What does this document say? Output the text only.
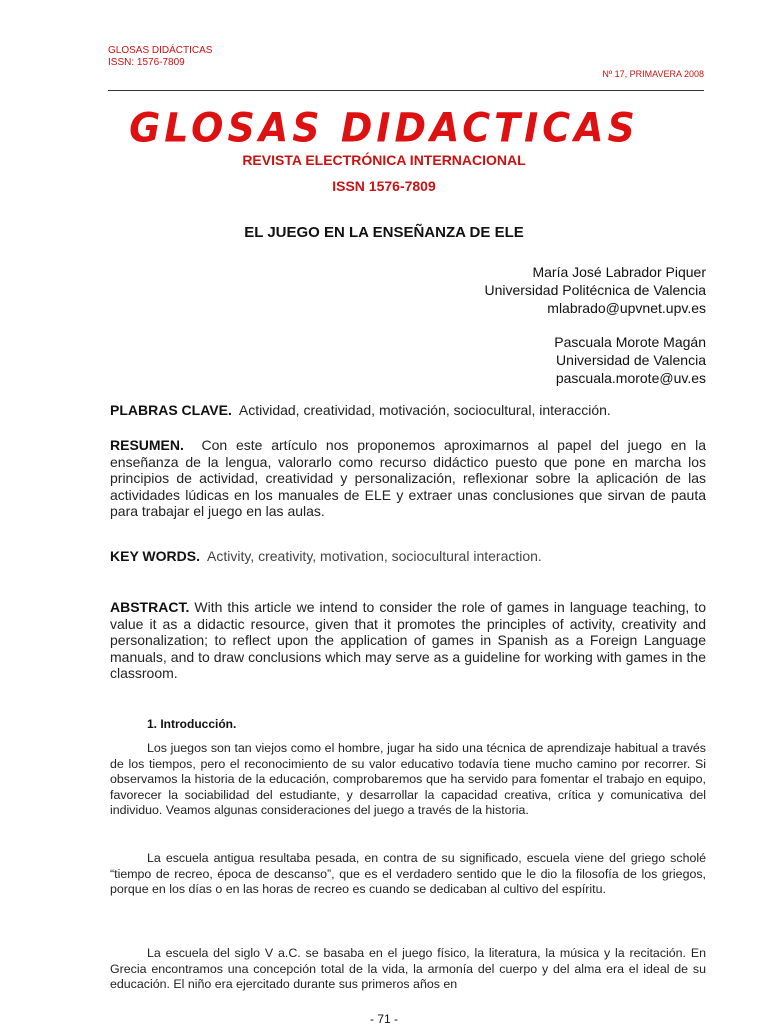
GLOSAS DIDÁCTICAS
ISSN: 1576-7809
Nº 17, PRIMAVERA 2008
GLOSAS DIDACTICAS
REVISTA ELECTRÓNICA INTERNACIONAL
ISSN 1576-7809
EL JUEGO EN LA ENSEÑANZA DE ELE
María José Labrador Piquer
Universidad Politécnica de Valencia
mlabrado@upvnet.upv.es
Pascuala Morote Magán
Universidad de Valencia
pascuala.morote@uv.es
PLABRAS CLAVE. Actividad, creatividad, motivación, sociocultural, interacción.
RESUMEN. Con este artículo nos proponemos aproximarnos al papel del juego en la enseñanza de la lengua, valorarlo como recurso didáctico puesto que pone en marcha los principios de actividad, creatividad y personalización, reflexionar sobre la aplicación de las actividades lúdicas en los manuales de ELE y extraer unas conclusiones que sirvan de pauta para trabajar el juego en las aulas.
KEY WORDS. Activity, creativity, motivation, sociocultural interaction.
ABSTRACT. With this article we intend to consider the role of games in language teaching, to value it as a didactic resource, given that it promotes the principles of activity, creativity and personalization; to reflect upon the application of games in Spanish as a Foreign Language manuals, and to draw conclusions which may serve as a guideline for working with games in the classroom.
1. Introducción.
Los juegos son tan viejos como el hombre, jugar ha sido una técnica de aprendizaje habitual a través de los tiempos, pero el reconocimiento de su valor educativo todavía tiene mucho camino por recorrer. Si observamos la historia de la educación, comprobaremos que ha servido para fomentar el trabajo en equipo, favorecer la sociabilidad del estudiante, y desarrollar la capacidad creativa, crítica y comunicativa del individuo. Veamos algunas consideraciones del juego a través de la historia.
La escuela antigua resultaba pesada, en contra de su significado, escuela viene del griego scholé “tiempo de recreo, época de descanso”, que es el verdadero sentido que le dio la filosofía de los griegos, porque en los días o en las horas de recreo es cuando se dedicaban al cultivo del espíritu.
La escuela del siglo V a.C. se basaba en el juego físico, la literatura, la música y la recitación. En Grecia encontramos una concepción total de la vida, la armonía del cuerpo y del alma era el ideal de su educación. El niño era ejercitado durante sus primeros años en
- 71 -
